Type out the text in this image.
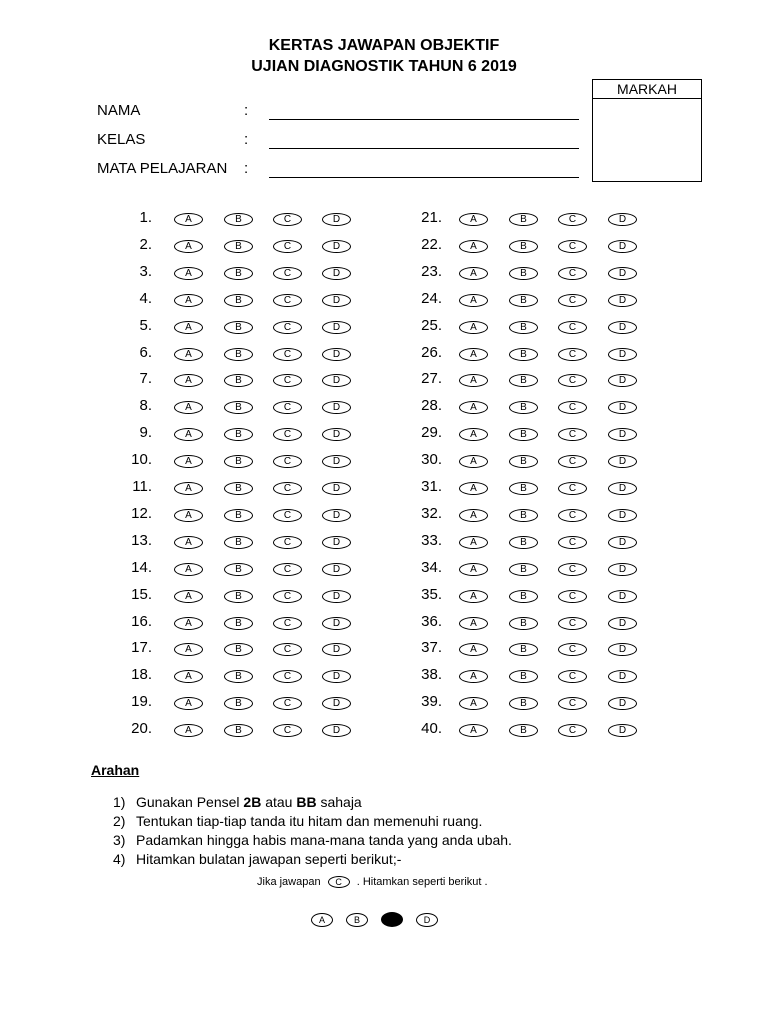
KERTAS JAWAPAN OBJEKTIF
UJIAN DIAGNOSTIK TAHUN 6 2019
MARKAH
NAMA	:
KELAS	:
MATA PELAJARAN :
1.	A	B	C	D
2.	A	B	C	D
3.	A	B	C	D
4.	A	B	C	D
5.	A	B	C	D
6.	A	B	C	D
7.	A	B	C	D
8.	A	B	C	D
9.	A	B	C	D
10.	A	B	C	D
11.	A	B	C	D
12.	A	B	C	D
13.	A	B	C	D
14.	A	B	C	D
15.	A	B	C	D
16.	A	B	C	D
17.	A	B	C	D
18.	A	B	C	D
19.	A	B	C	D
20.	A	B	C	D
21.	A	B	C	D
22.	A	B	C	D
23.	A	B	C	D
24.	A	B	C	D
25.	A	B	C	D
26.	A	B	C	D
27.	A	B	C	D
28.	A	B	C	D
29.	A	B	C	D
30.	A	B	C	D
31.	A	B	C	D
32.	A	B	C	D
33.	A	B	C	D
34.	A	B	C	D
35.	A	B	C	D
36.	A	B	C	D
37.	A	B	C	D
38.	A	B	C	D
39.	A	B	C	D
40.	A	B	C	D
Arahan
1) Gunakan Pensel 2B atau BB sahaja
2) Tentukan tiap-tiap tanda itu hitam dan memenuhi ruang.
3) Padamkan hingga habis mana-mana tanda yang anda ubah.
4) Hitamkan bulatan jawapan seperti berikut;-
Jika jawapan C . Hitamkan seperti berikut .
A	B	D
